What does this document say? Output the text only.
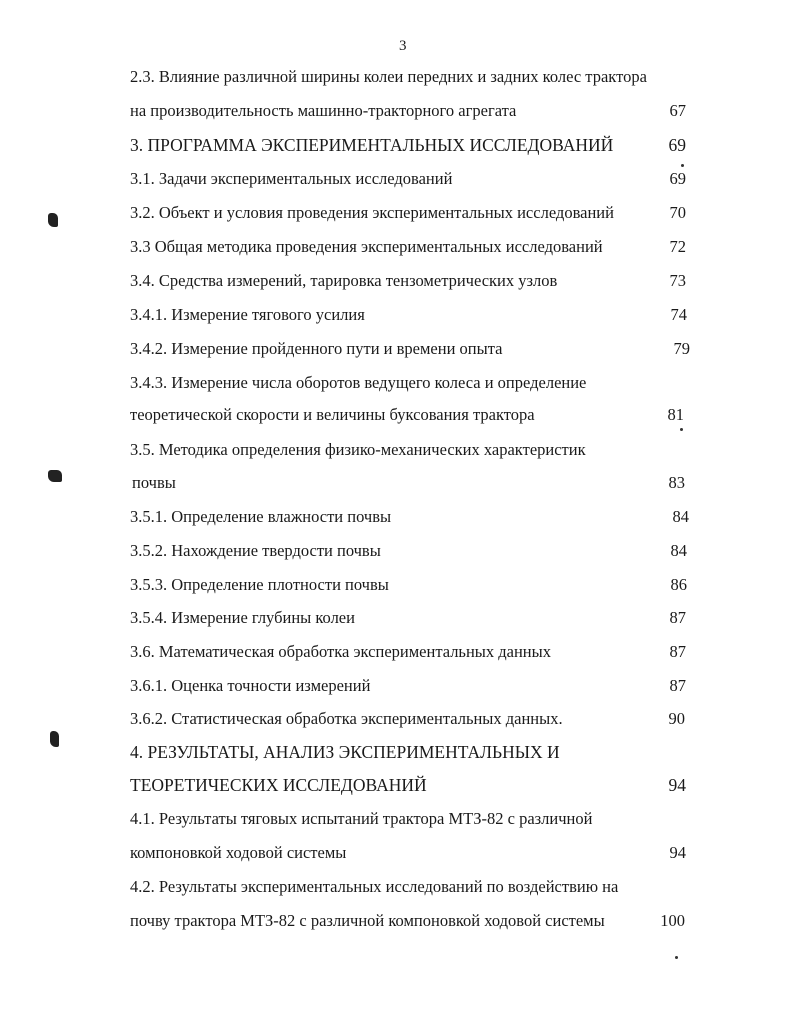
3
2.3. Влияние различной ширины колеи передних и задних колес трактора
на производительность машинно-тракторного агрегата	67
3. ПРОГРАММА ЭКСПЕРИМЕНТАЛЬНЫХ ИССЛЕДОВАНИЙ	69
3.1. Задачи экспериментальных исследований	69
3.2. Объект и условия проведения экспериментальных исследований	70
3.3 Общая методика проведения экспериментальных исследований	72
3.4. Средства измерений, тарировка тензометрических узлов	73
3.4.1. Измерение тягового усилия	74
3.4.2. Измерение пройденного пути и времени опыта	79
3.4.3. Измерение числа оборотов ведущего колеса и определение
теоретической скорости и величины буксования трактора	81
3.5. Методика определения физико-механических характеристик
почвы	83
3.5.1. Определение влажности почвы	84
3.5.2. Нахождение твердости почвы	84
3.5.3. Определение плотности почвы	86
3.5.4. Измерение глубины колеи	87
3.6. Математическая обработка экспериментальных данных	87
3.6.1. Оценка точности измерений	87
3.6.2. Статистическая обработка экспериментальных данных.	90
4. РЕЗУЛЬТАТЫ, АНАЛИЗ ЭКСПЕРИМЕНТАЛЬНЫХ И
ТЕОРЕТИЧЕСКИХ ИССЛЕДОВАНИЙ	94
4.1. Результаты тяговых испытаний трактора МТЗ-82 с различной
компоновкой ходовой системы	94
4.2. Результаты экспериментальных исследований по воздействию на
почву трактора МТЗ-82 с различной компоновкой ходовой системы	100
